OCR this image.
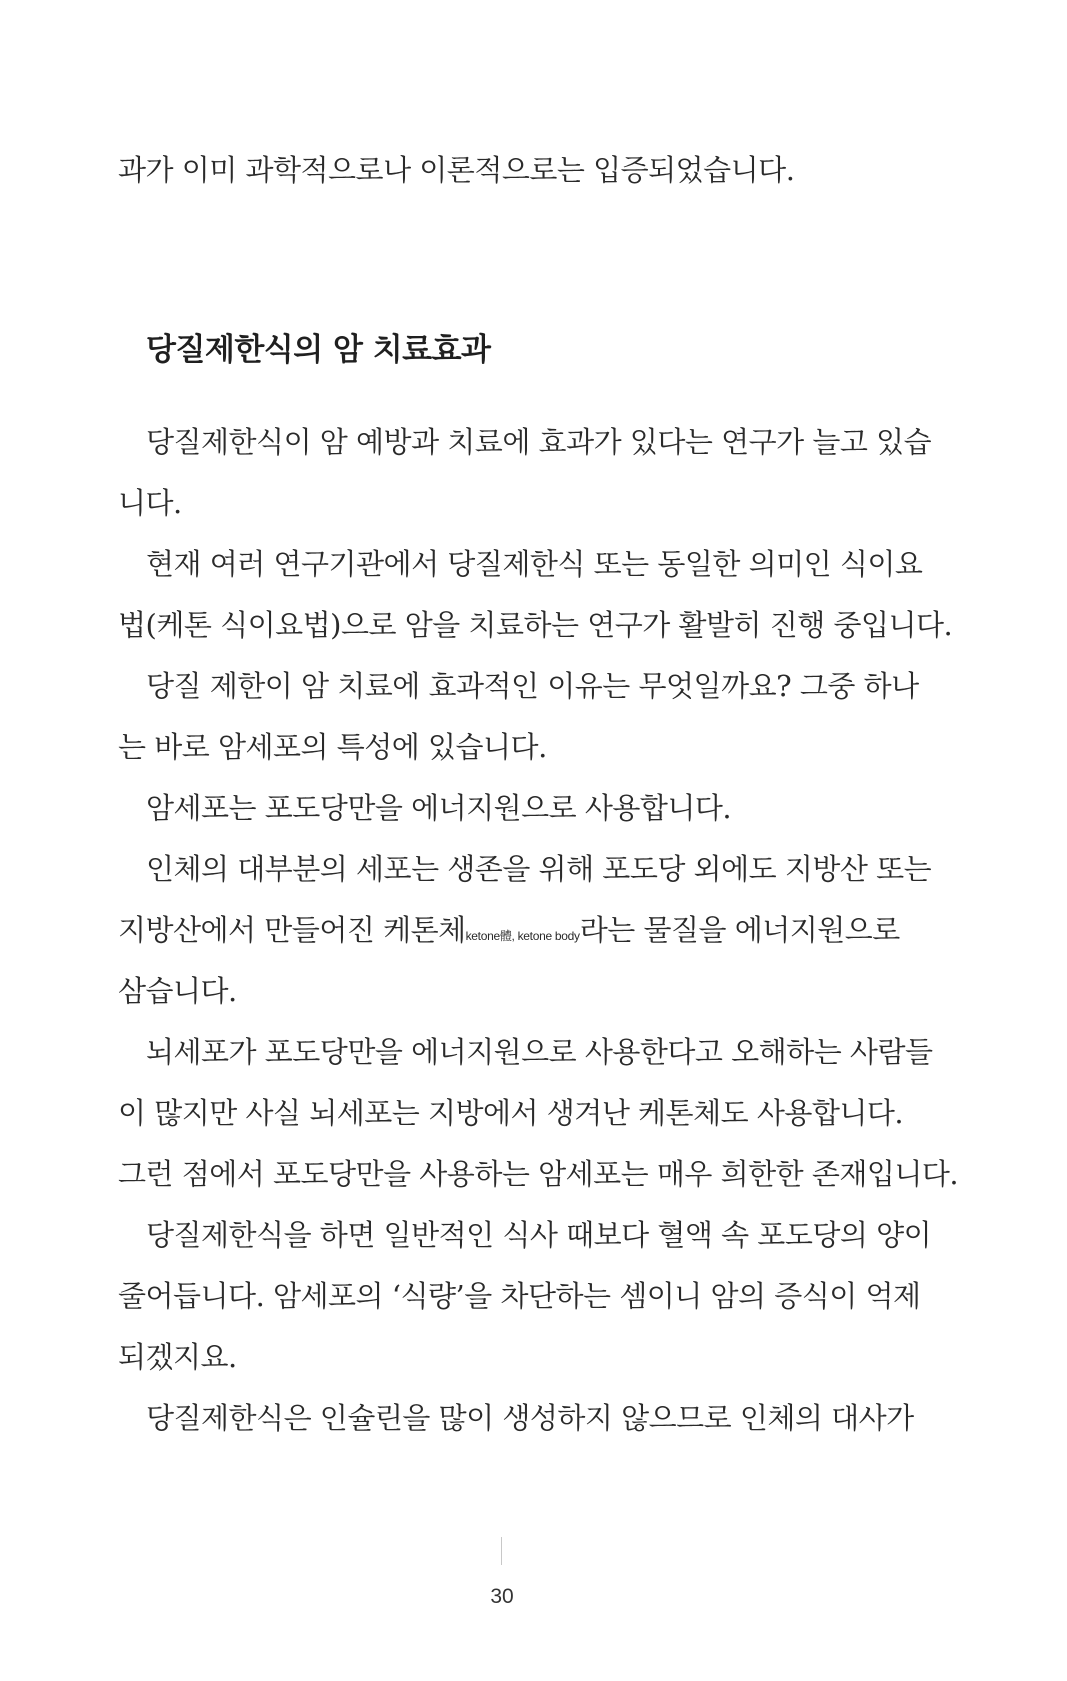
과가 이미 과학적으로나 이론적으로는 입증되었습니다.
당질제한식의 암 치료효과
당질제한식이 암 예방과 치료에 효과가 있다는 연구가 늘고 있습
니다.
현재 여러 연구기관에서 당질제한식 또는 동일한 의미인 식이요
법(케톤 식이요법)으로 암을 치료하는 연구가 활발히 진행 중입니다.
당질 제한이 암 치료에 효과적인 이유는 무엇일까요? 그중 하나
는 바로 암세포의 특성에 있습니다.
암세포는 포도당만을 에너지원으로 사용합니다.
인체의 대부분의 세포는 생존을 위해 포도당 외에도 지방산 또는
지방산에서 만들어진 케톤체ketone體, ketone body라는 물질을 에너지원으로
삼습니다.
뇌세포가 포도당만을 에너지원으로 사용한다고 오해하는 사람들
이 많지만 사실 뇌세포는 지방에서 생겨난 케톤체도 사용합니다.
그런 점에서 포도당만을 사용하는 암세포는 매우 희한한 존재입니다.
당질제한식을 하면 일반적인 식사 때보다 혈액 속 포도당의 양이
줄어듭니다. 암세포의 ‘식량’을 차단하는 셈이니 암의 증식이 억제
되겠지요.
당질제한식은 인슐린을 많이 생성하지 않으므로 인체의 대사가
30
